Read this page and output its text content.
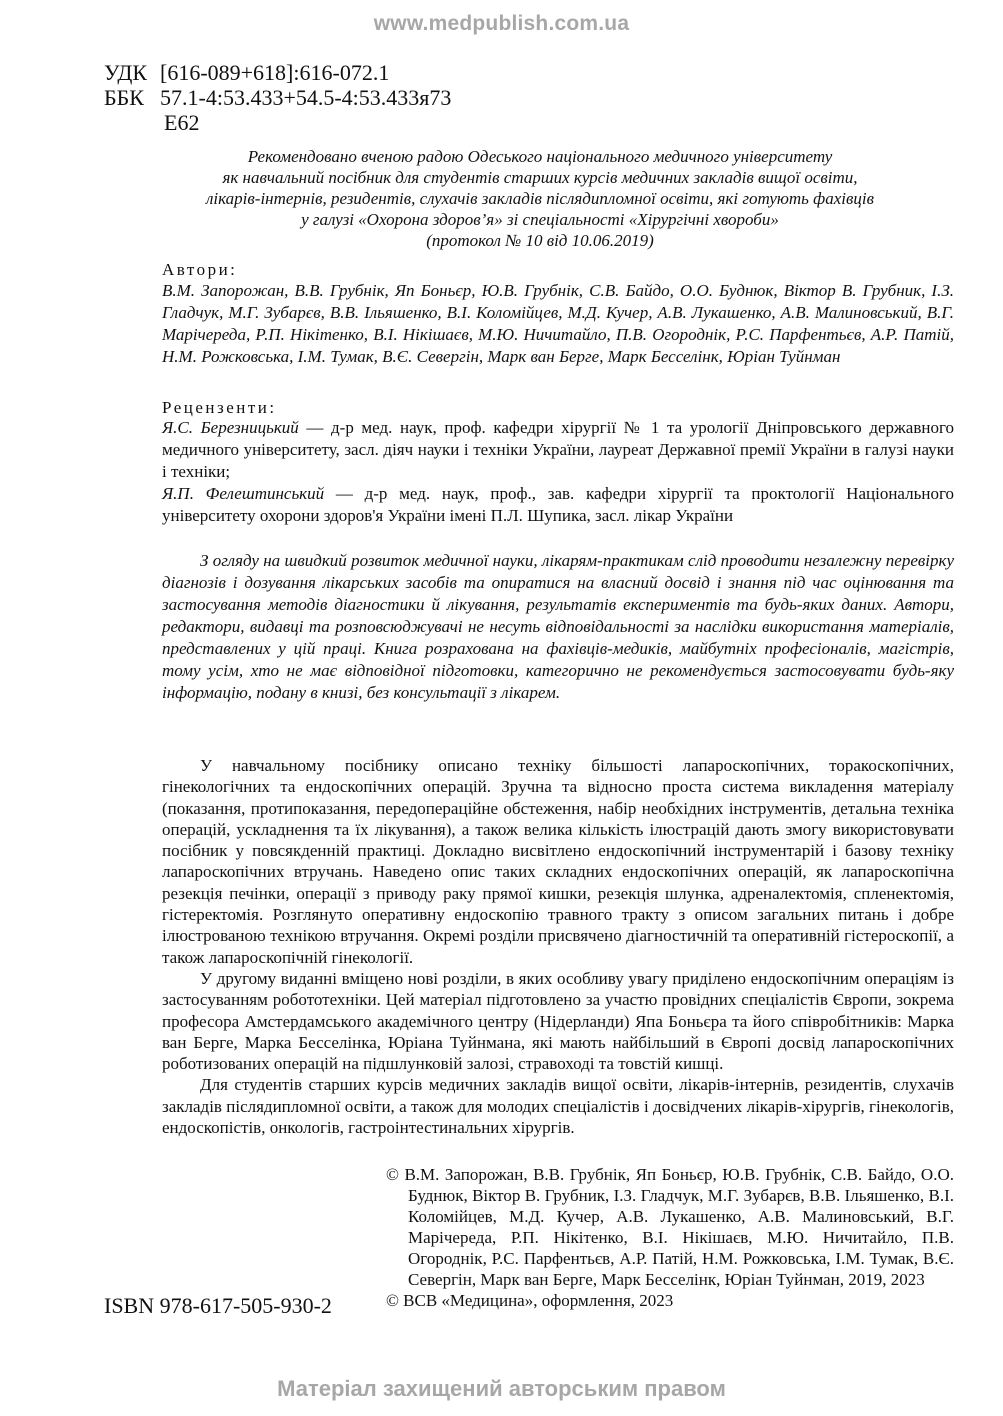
www.medpublish.com.ua
УДК [616-089+618]:616-072.1
ББК 57.1-4:53.433+54.5-4:53.433я73
Е62
Рекомендовано вченою радою Одеського національного медичного університету
як навчальний посібник для студентів старших курсів медичних закладів вищої освіти,
лікарів-інтернів, резидентів, слухачів закладів післядипломної освіти, які готують фахівців
у галузі «Охорона здоров’я» зі спеціальності «Хірургічні хвороби»
(протокол № 10 від 10.06.2019)
Автори:
В.М. Запорожан, В.В. Грубнік, Яп Боньєр, Ю.В. Грубнік, С.В. Байдо, О.О. Буднюк, Віктор В. Грубник, І.З. Гладчук, М.Г. Зубарєв, В.В. Ільяшенко, В.І. Коломійцев, М.Д. Кучер, А.В. Лукашенко, А.В. Малиновський, В.Г. Марічереда, Р.П. Нікітенко, В.І. Нікішаєв, М.Ю. Ничитайло, П.В. Огороднік, Р.С. Парфентьєв, А.Р. Патій, Н.М. Рожковська, І.М. Тумак, В.Є. Севергін, Марк ван Берге, Марк Бесселінк, Юріан Туйнман
Рецензенти:

Я.С. Березницький — д-р мед. наук, проф. кафедри хірургії № 1 та урології Дніпровського державного медичного університету, засл. діяч науки і техніки України, лауреат Державної премії України в галузі науки і техніки;

Я.П. Фелештинський — д-р мед. наук, проф., зав. кафедри хірургії та проктології Національного університету охорони здоров'я України імені П.Л. Шупика, засл. лікар України

З огляду на швидкий розвиток медичної науки, лікарям-практикам слід проводити незалежну перевірку діагнозів і дозування лікарських засобів та опиратися на власний досвід і знання під час оцінювання та застосування методів діагностики й лікування, результатів експериментів та будь-яких даних. Автори, редактори, видавці та розповсюджувачі не несуть відповідальності за наслідки використання матеріалів, представлених у цій праці. Книга розрахована на фахівців-медиків, майбутніх професіоналів, магістрів, тому усім, хто не має відповідної підготовки, категорично не рекомендується застосовувати будь-яку інформацію, подану в книзі, без консультації з лікарем.

У навчальному посібнику описано техніку більшості лапароскопічних, торакоскопічних, гінекологічних та ендоскопічних операцій. Зручна та відносно проста система викладення матеріалу (показання, протипоказання, передопераційне обстеження, набір необхідних інструментів, детальна техніка операцій, ускладнення та їх лікування), а також велика кількість ілюстрацій дають змогу використовувати посібник у повсякденній практиці. Докладно висвітлено ендоскопічний інструментарій і базову техніку лапароскопічних втручань. Наведено опис таких складних ендоскопічних операцій, як лапароскопічна резекція печінки, операції з приводу раку прямої кишки, резекція шлунка, адреналектомія, спленектомія, гістеректомія. Розглянуто оперативну ендоскопію травного тракту з описом загальних питань і добре ілюстрованою технікою втручання. Окремі розділи присвячено діагностичній та оперативній гістероскопії, а також лапароскопічній гінекології.

У другому виданні вміщено нові розділи, в яких особливу увагу приділено ендоскопічним операціям із застосуванням робототехніки. Цей матеріал підготовлено за участю провідних спеціалістів Європи, зокрема професора Амстердамського академічного центру (Нідерланди) Япа Боньєра та його співробітників: Марка ван Берге, Марка Бесселінка, Юріана Туйнмана, які мають найбільший в Європі досвід лапароскопічних роботизованих операцій на підшлунковій залозі, стравоході та товстій кишці.

Для студентів старших курсів медичних закладів вищої освіти, лікарів-інтернів, резидентів, слухачів закладів післядипломної освіти, а також для молодих спеціалістів і досвідчених лікарів-хірургів, гінекологів, ендоскопістів, онкологів, гастроінтестинальних хірургів.

© В.М. Запорожан, В.В. Грубнік, Яп Боньєр, Ю.В. Грубнік, С.В. Байдо, О.О. Буднюк, Віктор В. Грубник, І.З. Гладчук, М.Г. Зубарєв, В.В. Ільяшенко, В.І. Коломійцев, М.Д. Кучер, А.В. Лукашенко, А.В. Малиновський, В.Г. Марічереда, Р.П. Нікітенко, В.І. Нікішаєв, М.Ю. Ничитайло, П.В. Огороднік, Р.С. Парфентьєв, А.Р. Патій, Н.М. Рожковська, І.М. Тумак, В.Є. Севергін, Марк ван Берге, Марк Бесселінк, Юріан Туйнман, 2019, 2023

© ВСВ «Медицина», оформлення, 2023

ISBN 978-617-505-930-2
Матеріал захищений авторським правом
